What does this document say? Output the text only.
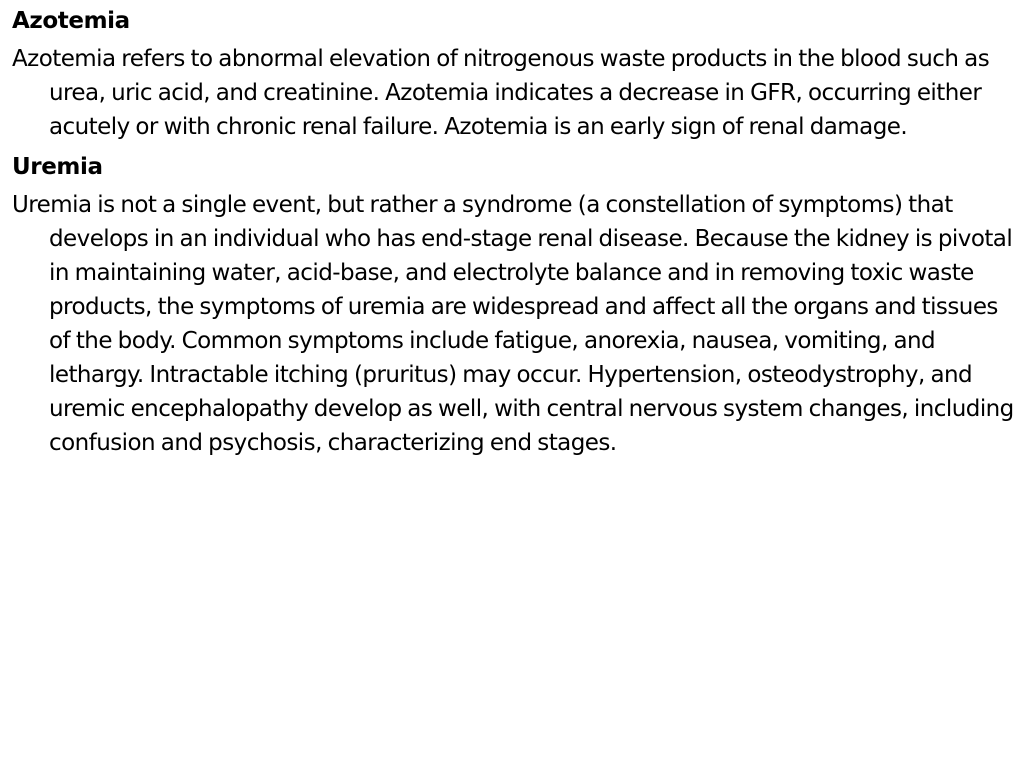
Azotemia

Azotemia refers to abnormal elevation of nitrogenous waste products in the blood such as urea, uric acid, and creatinine. Azotemia indicates a decrease in GFR, occurring either acutely or with chronic renal failure. Azotemia is an early sign of renal damage.

Uremia

Uremia is not a single event, but rather a syndrome (a constellation of symptoms) that develops in an individual who has end-stage renal disease. Because the kidney is pivotal in maintaining water, acid-base, and electrolyte balance and in removing toxic waste products, the symptoms of uremia are widespread and affect all the organs and tissues of the body. Common symptoms include fatigue, anorexia, nausea, vomiting, and lethargy. Intractable itching (pruritus) may occur. Hypertension, osteodystrophy, and uremic encephalopathy develop as well, with central nervous system changes, including confusion and psychosis, characterizing end stages.
